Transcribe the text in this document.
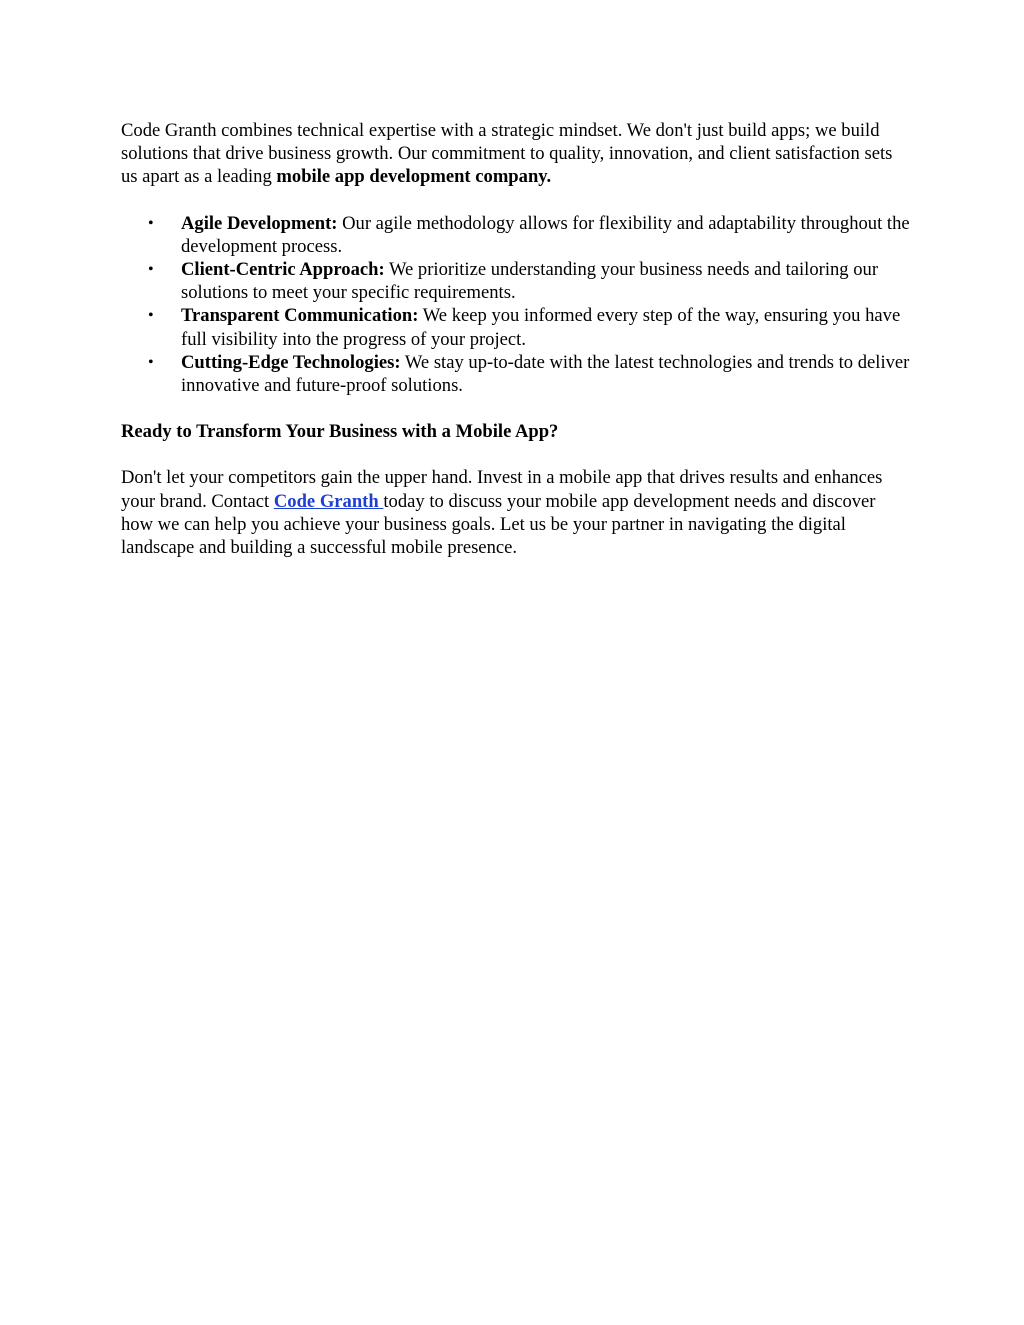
Code Granth combines technical expertise with a strategic mindset. We don't just build apps; we build solutions that drive business growth. Our commitment to quality, innovation, and client satisfaction sets us apart as a leading mobile app development company.

• Agile Development: Our agile methodology allows for flexibility and adaptability throughout the development process.
• Client-Centric Approach: We prioritize understanding your business needs and tailoring our solutions to meet your specific requirements.
• Transparent Communication: We keep you informed every step of the way, ensuring you have full visibility into the progress of your project.
• Cutting-Edge Technologies: We stay up-to-date with the latest technologies and trends to deliver innovative and future-proof solutions.

Ready to Transform Your Business with a Mobile App?

Don't let your competitors gain the upper hand. Invest in a mobile app that drives results and enhances your brand. Contact Code Granth today to discuss your mobile app development needs and discover how we can help you achieve your business goals. Let us be your partner in navigating the digital landscape and building a successful mobile presence.
